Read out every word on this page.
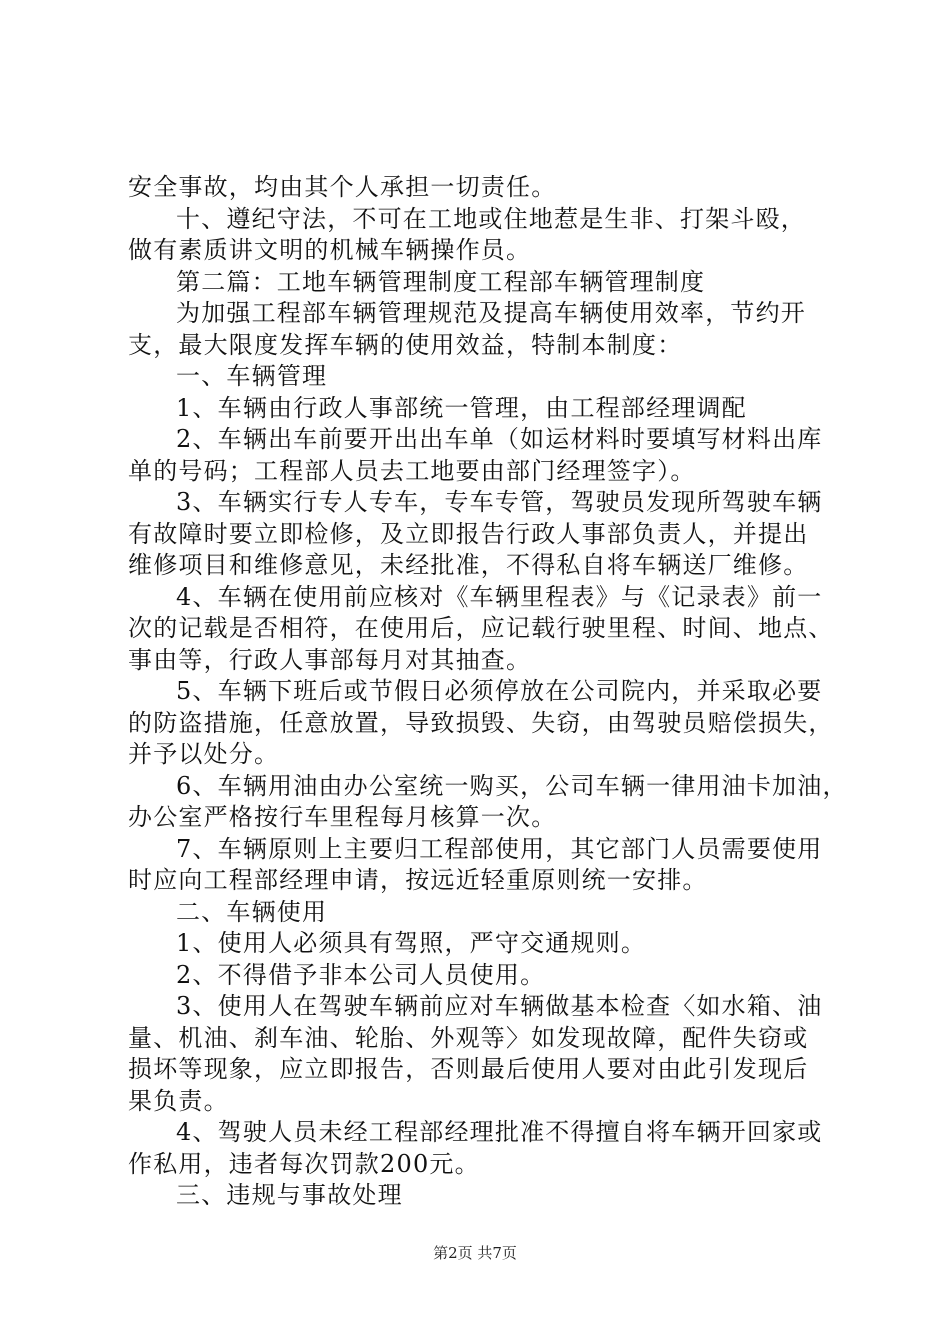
安全事故，均由其个人承担一切责任。
十、遵纪守法，不可在工地或住地惹是生非、打架斗殴，
做有素质讲文明的机械车辆操作员。
第二篇：工地车辆管理制度工程部车辆管理制度
为加强工程部车辆管理规范及提高车辆使用效率，节约开
支，最大限度发挥车辆的使用效益，特制本制度：
一、车辆管理
1、车辆由行政人事部统一管理，由工程部经理调配
2、车辆出车前要开出出车单（如运材料时要填写材料出库
单的号码；工程部人员去工地要由部门经理签字）。
3、车辆实行专人专车，专车专管，驾驶员发现所驾驶车辆
有故障时要立即检修，及立即报告行政人事部负责人，并提出
维修项目和维修意见，未经批准，不得私自将车辆送厂维修。
4、车辆在使用前应核对《车辆里程表》与《记录表》前一
次的记载是否相符，在使用后，应记载行驶里程、时间、地点、
事由等，行政人事部每月对其抽查。
5、车辆下班后或节假日必须停放在公司院内，并采取必要
的防盗措施，任意放置，导致损毁、失窃，由驾驶员赔偿损失，
并予以处分。
6、车辆用油由办公室统一购买，公司车辆一律用油卡加油，
办公室严格按行车里程每月核算一次。
7、车辆原则上主要归工程部使用，其它部门人员需要使用
时应向工程部经理申请，按远近轻重原则统一安排。
二、车辆使用
1、使用人必须具有驾照，严守交通规则。
2、不得借予非本公司人员使用。
3、使用人在驾驶车辆前应对车辆做基本检查〈如水箱、油
量、机油、刹车油、轮胎、外观等〉如发现故障，配件失窃或
损坏等现象，应立即报告，否则最后使用人要对由此引发现后
果负责。
4、驾驶人员未经工程部经理批准不得擅自将车辆开回家或
作私用，违者每次罚款200元。
三、违规与事故处理
第2页 共7页
